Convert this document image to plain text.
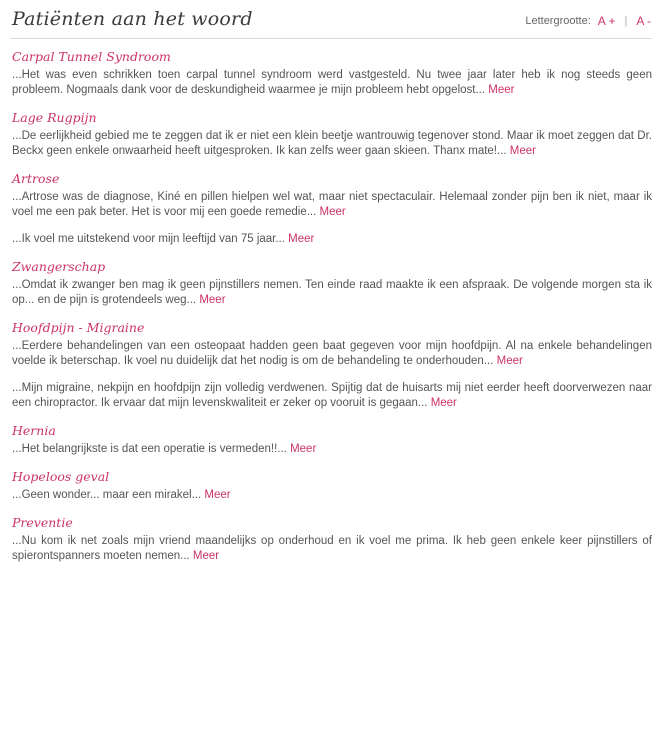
Patiënten aan het woord	Lettergrootte: A + | A -
Carpal Tunnel Syndroom

...Het was even schrikken toen carpal tunnel syndroom werd vastgesteld. Nu twee jaar later heb ik nog steeds geen probleem. Nogmaals dank voor de deskundigheid waarmee je mijn probleem hebt opgelost... Meer

Lage Rugpijn

...De eerlijkheid gebied me te zeggen dat ik er niet een klein beetje wantrouwig tegenover stond. Maar ik moet zeggen dat Dr. Beckx geen enkele onwaarheid heeft uitgesproken. Ik kan zelfs weer gaan skieen. Thanx mate!... Meer

Artrose

...Artrose was de diagnose, Kiné en pillen hielpen wel wat, maar niet spectaculair. Helemaal zonder pijn ben ik niet, maar ik voel me een pak beter. Het is voor mij een goede remedie... Meer

...Ik voel me uitstekend voor mijn leeftijd van 75 jaar... Meer

Zwangerschap

...Omdat ik zwanger ben mag ik geen pijnstillers nemen. Ten einde raad maakte ik een afspraak. De volgende morgen sta ik op... en de pijn is grotendeels weg... Meer

Hoofdpijn - Migraine

...Eerdere behandelingen van een osteopaat hadden geen baat gegeven voor mijn hoofdpijn. Al na enkele behandelingen voelde ik beterschap. Ik voel nu duidelijk dat het nodig is om de behandeling te onderhouden... Meer

...Mijn migraine, nekpijn en hoofdpijn zijn volledig verdwenen. Spijtig dat de huisarts mij niet eerder heeft doorverwezen naar een chiropractor. Ik ervaar dat mijn levenskwaliteit er zeker op vooruit is gegaan... Meer

Hernia

...Het belangrijkste is dat een operatie is vermeden!!... Meer

Hopeloos geval

...Geen wonder... maar een mirakel... Meer

Preventie

...Nu kom ik net zoals mijn vriend maandelijks op onderhoud en ik voel me prima. Ik heb geen enkele keer pijnstillers of spierontspanners moeten nemen... Meer
